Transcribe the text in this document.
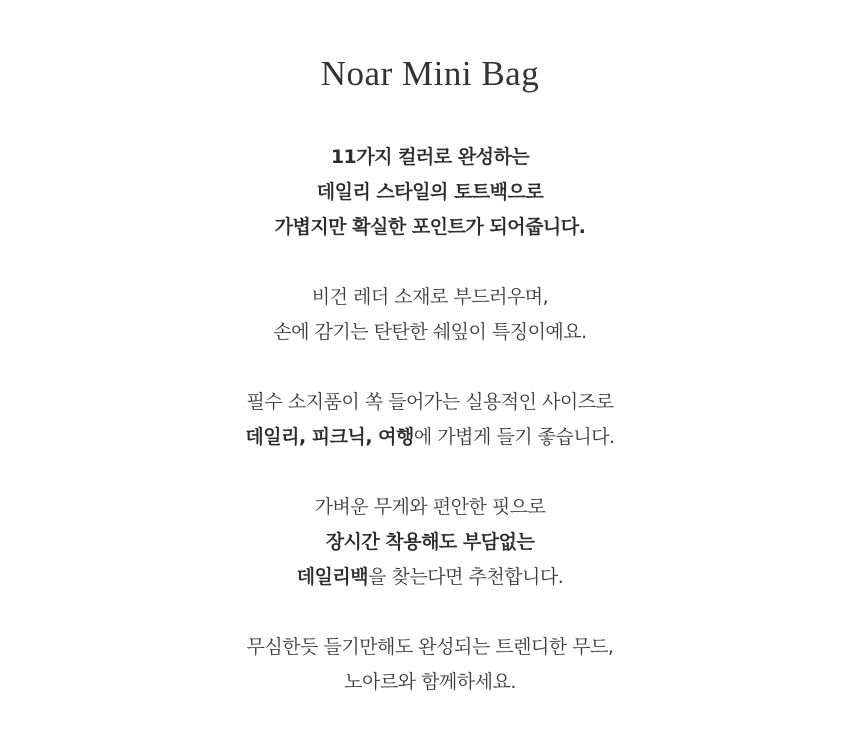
Noar Mini Bag
11가지 컬러로 완성하는
데일리 스타일의 토트백으로
가볍지만 확실한 포인트가 되어줍니다.
비건 레더 소재로 부드러우며,
손에 감기는 탄탄한 쉐잎이 특징이예요.
필수 소지품이 쏙 들어가는 실용적인 사이즈로
데일리, 피크닉, 여행에 가볍게 들기 좋습니다.
가벼운 무게와 편안한 핏으로
장시간 착용해도 부담없는
데일리백을 찾는다면 추천합니다.
무심한듯 들기만해도 완성되는 트렌디한 무드,
노아르와 함께하세요.
